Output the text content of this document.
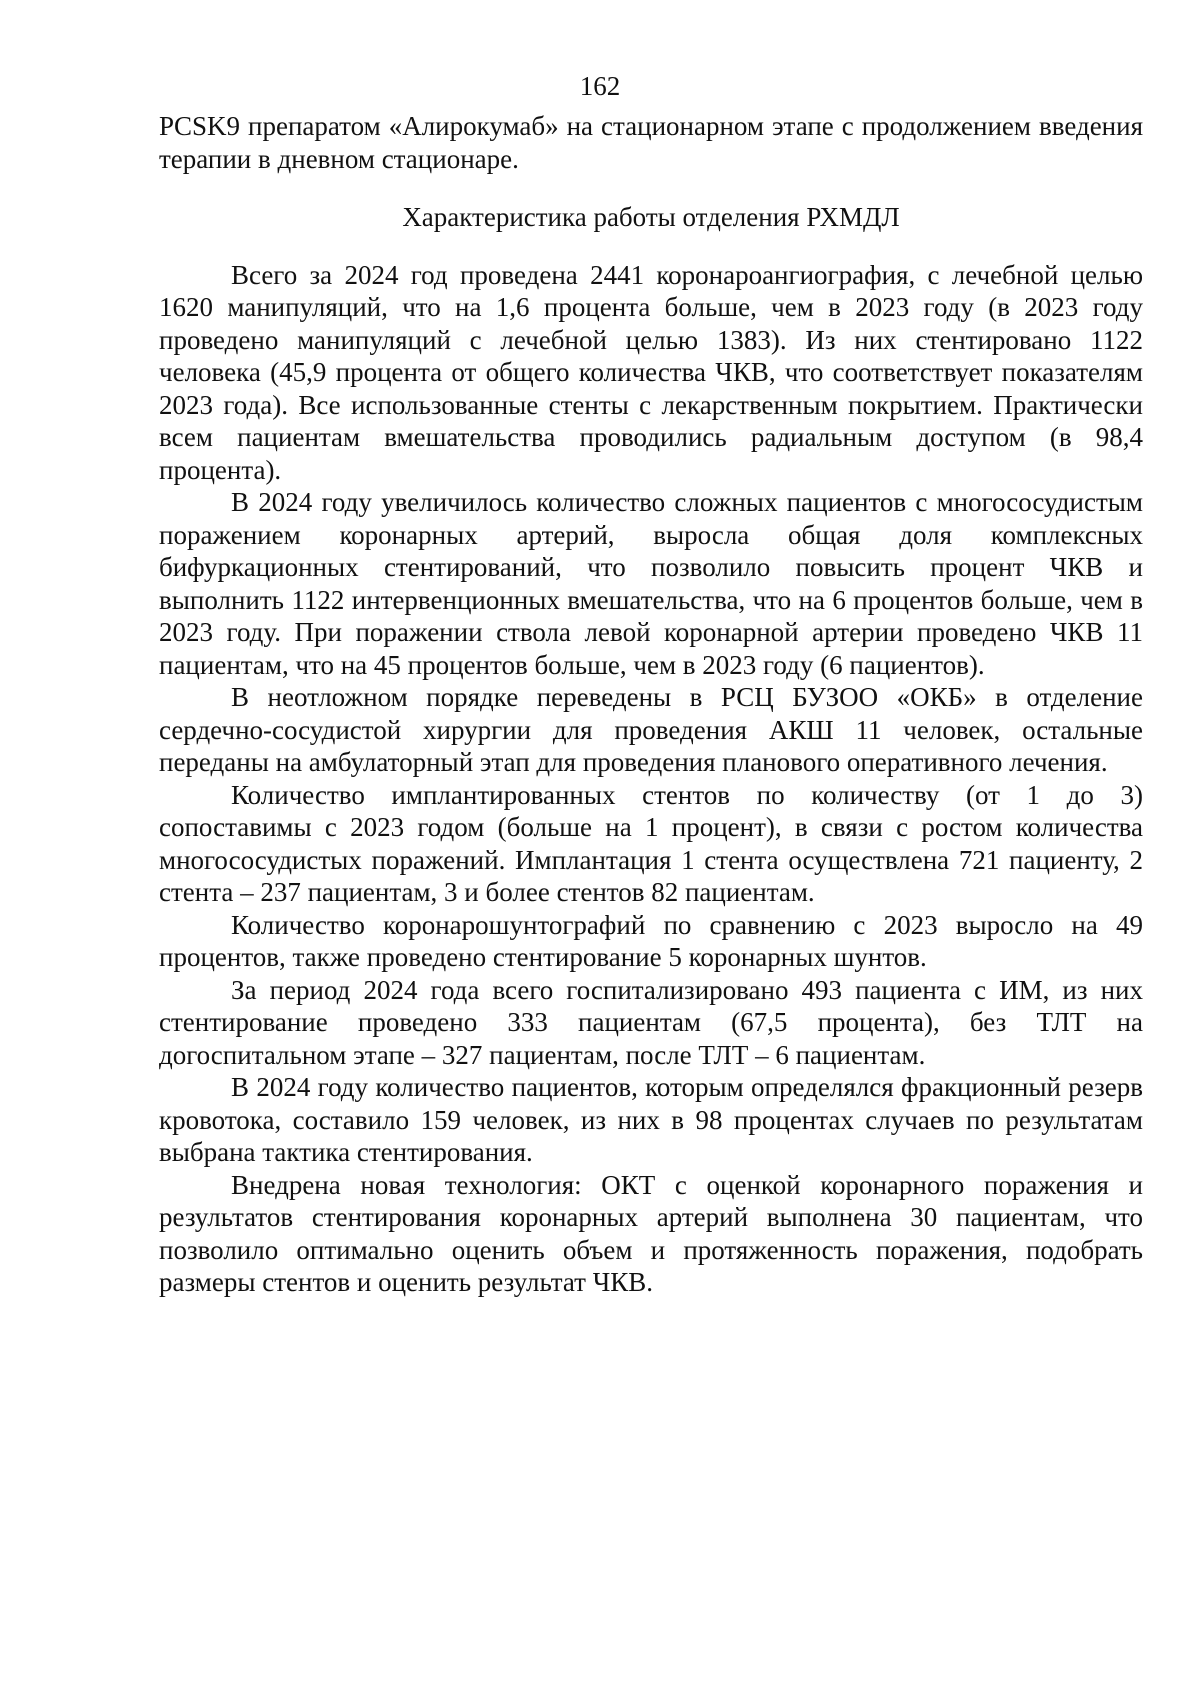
162

PCSK9 препаратом «Алирокумаб» на стационарном этапе с продолжением введения терапии в дневном стационаре.

Характеристика работы отделения РХМДЛ

Всего за 2024 год проведена 2441 коронароангиография, с лечебной целью 1620 манипуляций, что на 1,6 процента больше, чем в 2023 году (в 2023 году проведено манипуляций с лечебной целью 1383). Из них стентировано 1122 человека (45,9 процента от общего количества ЧКВ, что соответствует показателям 2023 года). Все использованные стенты с лекарственным покрытием. Практически всем пациентам вмешательства проводились радиальным доступом (в 98,4 процента).

В 2024 году увеличилось количество сложных пациентов с многососудистым поражением коронарных артерий, выросла общая доля комплексных бифуркационных стентирований, что позволило повысить процент ЧКВ и выполнить 1122 интервенционных вмешательства, что на 6 процентов больше, чем в 2023 году. При поражении ствола левой коронарной артерии проведено ЧКВ 11 пациентам, что на 45 процентов больше, чем в 2023 году (6 пациентов).

В неотложном порядке переведены в РСЦ БУЗОО «ОКБ» в отделение сердечно-сосудистой хирургии для проведения АКШ 11 человек, остальные переданы на амбулаторный этап для проведения планового оперативного лечения.

Количество имплантированных стентов по количеству (от 1 до 3) сопоставимы с 2023 годом (больше на 1 процент), в связи с ростом количества многососудистых поражений. Имплантация 1 стента осуществлена 721 пациенту, 2 стента – 237 пациентам, 3 и более стентов 82 пациентам.

Количество коронарошунтографий по сравнению с 2023 выросло на 49 процентов, также проведено стентирование 5 коронарных шунтов.

За период 2024 года всего госпитализировано 493 пациента с ИМ, из них стентирование проведено 333 пациентам (67,5 процента), без ТЛТ на догоспитальном этапе – 327 пациентам, после ТЛТ – 6 пациентам.

В 2024 году количество пациентов, которым определялся фракционный резерв кровотока, составило 159 человек, из них в 98 процентах случаев по результатам выбрана тактика стентирования.

Внедрена новая технология: ОКТ с оценкой коронарного поражения и результатов стентирования коронарных артерий выполнена 30 пациентам, что позволило оптимально оценить объем и протяженность поражения, подобрать размеры стентов и оценить результат ЧКВ.
